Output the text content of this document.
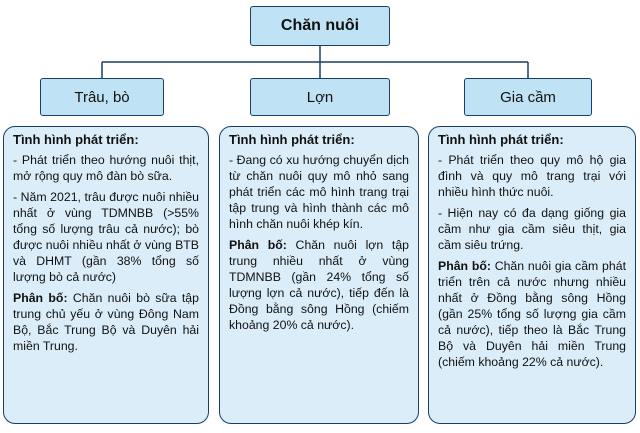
Chăn nuôi
Trâu, bò	Lợn	Gia cầm
Tình hình phát triển:

- Phát triển theo hướng nuôi thịt, mở rộng quy mô đàn bò sữa.

- Năm 2021, trâu được nuôi nhiều nhất ở vùng TDMNBB (>55% tổng số lượng trâu cả nước); bò được nuôi nhiều nhất ở vùng BTB và DHMT (gần 38% tổng số lượng bò cả nước)

Phân bố: Chăn nuôi bò sữa tập trung chủ yếu ở vùng Đông Nam Bộ, Bắc Trung Bộ và Duyên hải miền Trung.

Tình hình phát triển:

- Đang có xu hướng chuyển dịch từ chăn nuôi quy mô nhỏ sang phát triển các mô hình trang trại tập trung và hình thành các mô hình chăn nuôi khép kín.

Phân bố: Chăn nuôi lợn tập trung nhiều nhất ở vùng TDMNBB (gần 24% tổng số lượng lợn cả nước), tiếp đến là Đồng bằng sông Hồng (chiếm khoảng 20% cả nước).

Tình hình phát triển:

- Phát triển theo quy mô hộ gia đình và quy mô trang trại với nhiều hình thức nuôi.

- Hiện nay có đa dạng giống gia cầm như gia cầm siêu thịt, gia cầm siêu trứng.

Phân bố: Chăn nuôi gia cầm phát triển trên cả nước nhưng nhiều nhất ở Đồng bằng sông Hồng (gần 25% tổng số lượng gia cầm cả nước), tiếp theo là Bắc Trung Bộ và Duyên hải miền Trung (chiếm khoảng 22% cả nước).
